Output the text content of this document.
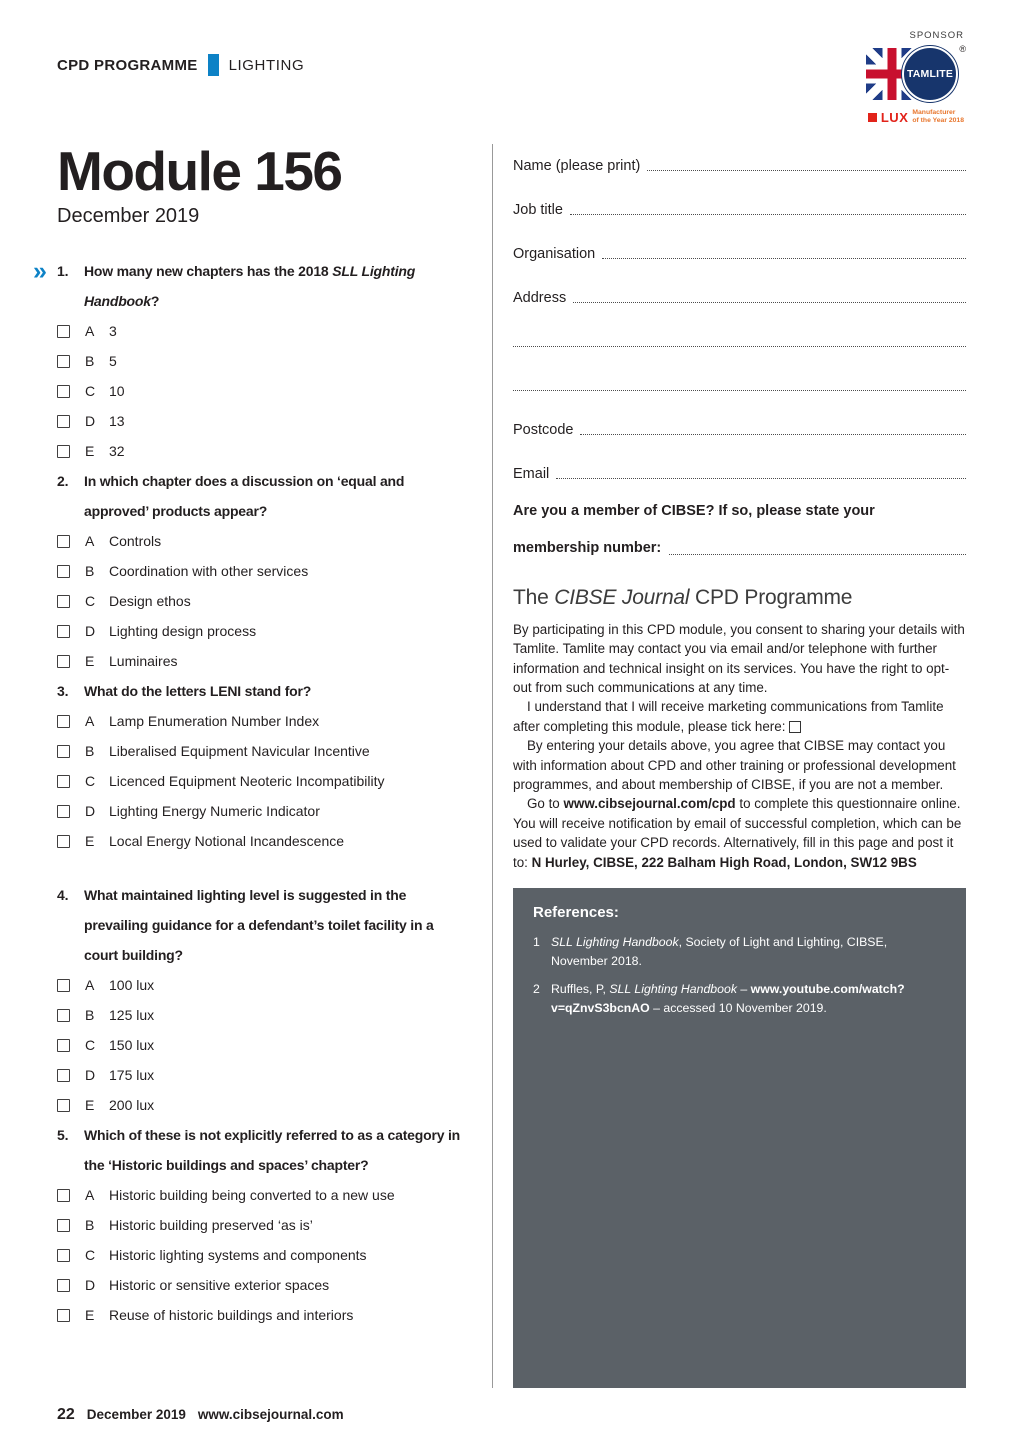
CPD PROGRAMME LIGHTING
SPONSOR
TAMLITE
®
LUX Manufacturer
of the Year 2018
Module 156
December 2019
» 1.	How many new chapters has the 2018 SLL Lighting Handbook?
A	3
B	5
C 10
D 13
E	32
2.	In which chapter does a discussion on ‘equal and approved’ products appear?
A	Controls
B	Coordination with other services
C Design ethos
D Lighting design process
E	Luminaires
3.	What do the letters LENI stand for?
A	Lamp Enumeration Number Index
B	Liberalised Equipment Navicular Incentive
C Licenced Equipment Neoteric Incompatibility
D Lighting Energy Numeric Indicator
E	Local Energy Notional Incandescence
4.	What maintained lighting level is suggested in the prevailing guidance for a defendant’s toilet facility in a court building?
A	100 lux
B	125 lux
C 150 lux
D 175 lux
E	200 lux
5.	Which of these is not explicitly referred to as a category in the ‘Historic buildings and spaces’ chapter?
A	Historic building being converted to a new use
B	Historic building preserved ‘as is’
C Historic lighting systems and components
D Historic or sensitive exterior spaces
E	Reuse of historic buildings and interiors
Name (please print)
Job title
Organisation
Address
Postcode
Email
Are you a member of CIBSE? If so, please state your
membership number:
The CIBSE Journal CPD Programme

By participating in this CPD module, you consent to sharing your details with Tamlite. Tamlite may contact you via email and/or telephone with further information and technical insight on its services. You have the right to opt-out from such communications at any time.

I understand that I will receive marketing communications from Tamlite after completing this module, please tick here:

By entering your details above, you agree that CIBSE may contact you with information about CPD and other training or professional development programmes, and about membership of CIBSE, if you are not a member.

Go to www.cibsejournal.com/cpd to complete this questionnaire online. You will receive notification by email of successful completion, which can be used to validate your CPD records. Alternatively, fill in this page and post it to: N Hurley, CIBSE, 222 Balham High Road, London, SW12 9BS

References:
1 SLL Lighting Handbook, Society of Light and Lighting, CIBSE, November 2018.
2 Ruffles, P, SLL Lighting Handbook – www.youtube.com/watch?v=qZnvS3bcnAO – accessed 10 November 2019.
22 December 2019 www.cibsejournal.com
